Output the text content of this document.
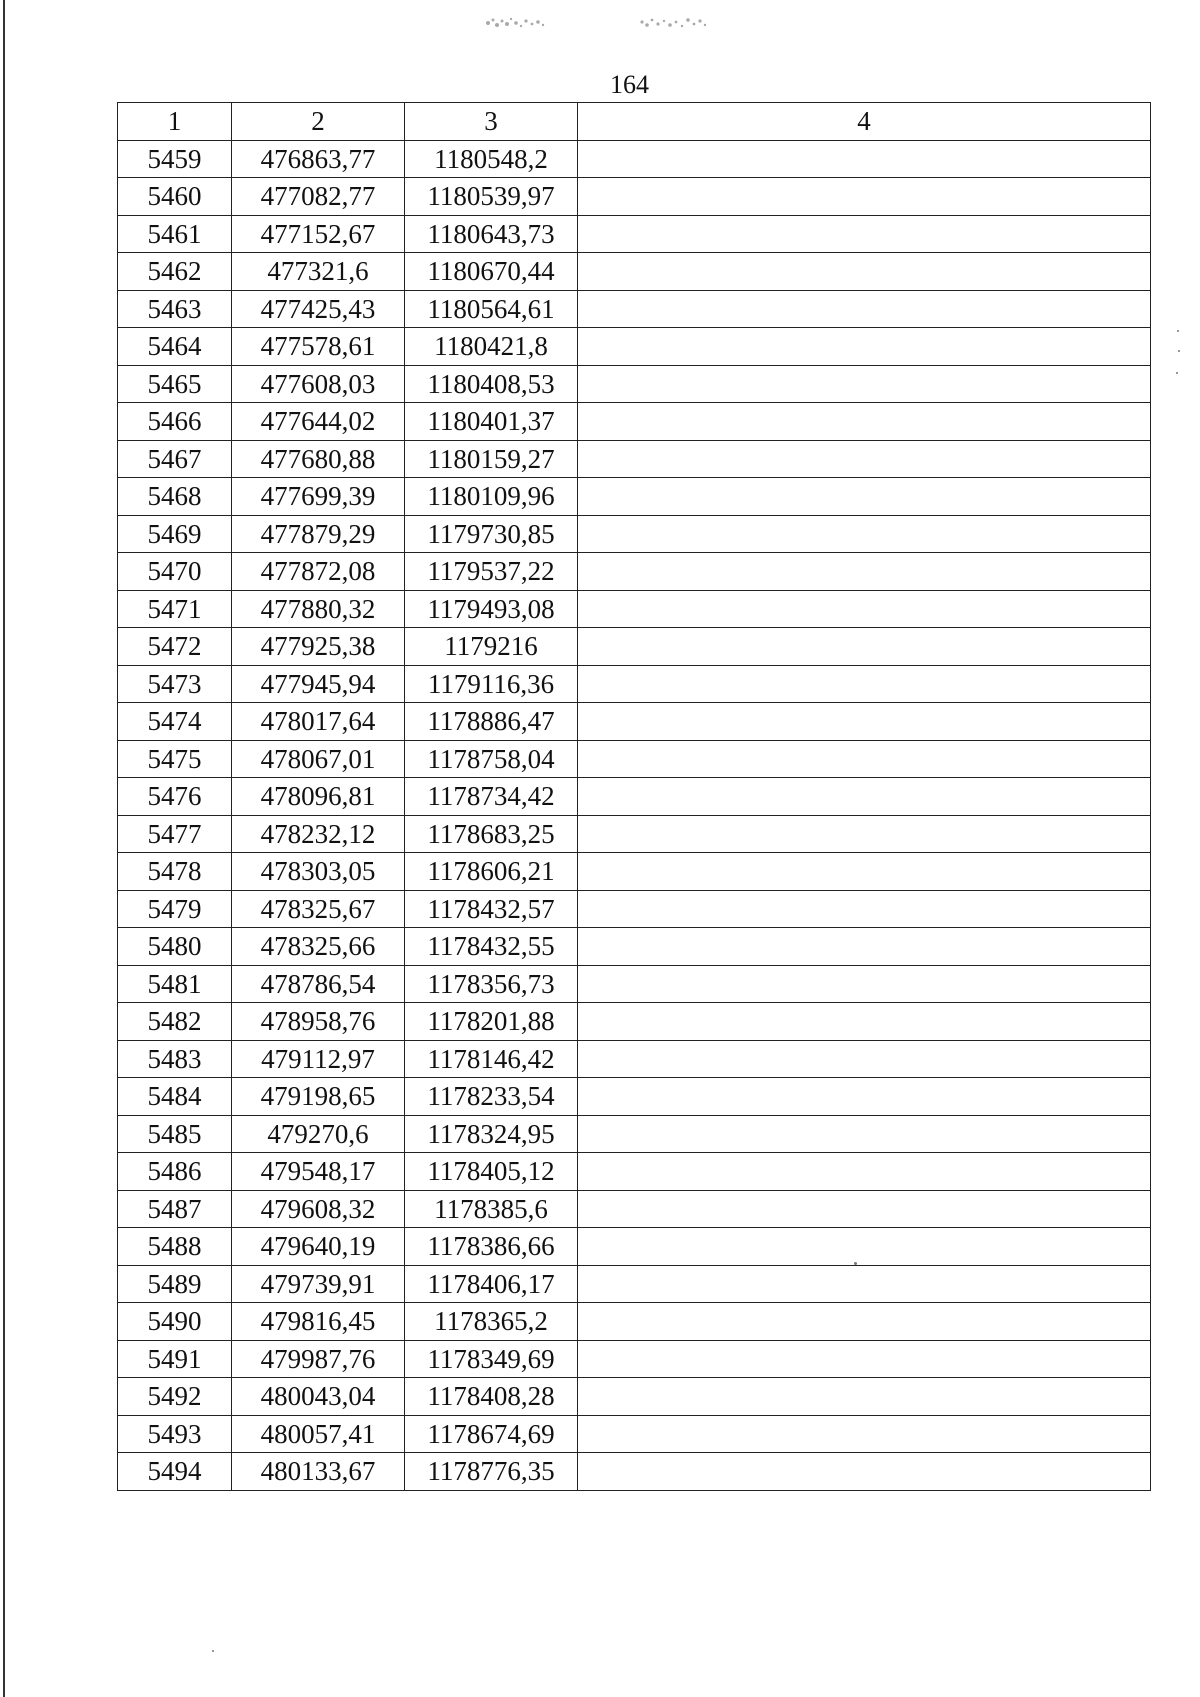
164
1	2	3	4
5459	476863,77	1180548,2	
5460	477082,77	1180539,97	
5461	477152,67	1180643,73	
5462	477321,6	1180670,44	
5463	477425,43	1180564,61	
5464	477578,61	1180421,8	
5465	477608,03	1180408,53	
5466	477644,02	1180401,37	
5467	477680,88	1180159,27	
5468	477699,39	1180109,96	
5469	477879,29	1179730,85	
5470	477872,08	1179537,22	
5471	477880,32	1179493,08	
5472	477925,38	1179216	
5473	477945,94	1179116,36	
5474	478017,64	1178886,47	
5475	478067,01	1178758,04	
5476	478096,81	1178734,42	
5477	478232,12	1178683,25	
5478	478303,05	1178606,21	
5479	478325,67	1178432,57	
5480	478325,66	1178432,55	
5481	478786,54	1178356,73	
5482	478958,76	1178201,88	
5483	479112,97	1178146,42	
5484	479198,65	1178233,54	
5485	479270,6	1178324,95	
5486	479548,17	1178405,12	
5487	479608,32	1178385,6	
5488	479640,19	1178386,66	
5489	479739,91	1178406,17	
5490	479816,45	1178365,2	
5491	479987,76	1178349,69	
5492	480043,04	1178408,28	
5493	480057,41	1178674,69	
5494	480133,67	1178776,35	
